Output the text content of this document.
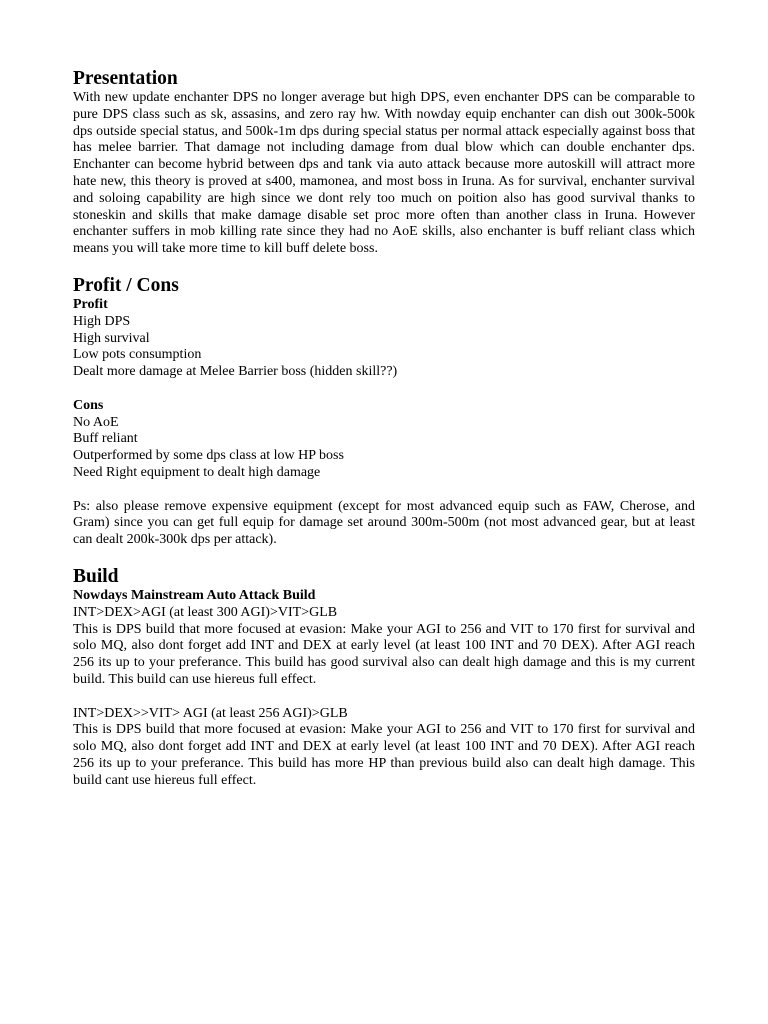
Presentation

With new update enchanter DPS no longer average but high DPS, even enchanter DPS can be comparable to pure DPS class such as sk, assasins, and zero ray hw. With nowday equip enchanter can dish out 300k-500k dps outside special status, and 500k-1m dps during special status per normal attack especially against boss that has melee barrier. That damage not including damage from dual blow which can double enchanter dps. Enchanter can become hybrid between dps and tank via auto attack because more autoskill will attract more hate new, this theory is proved at s400, mamonea, and most boss in Iruna. As for survival, enchanter survival and soloing capability are high since we dont rely too much on poition also has good survival thanks to stoneskin and skills that make damage disable set proc more often than another class in Iruna. However enchanter suffers in mob killing rate since they had no AoE skills, also enchanter is buff reliant class which means you will take more time to kill buff delete boss.

Profit / Cons
Profit
High DPS
High survival
Low pots consumption
Dealt more damage at Melee Barrier boss (hidden skill??)
Cons
No AoE
Buff reliant
Outperformed by some dps class at low HP boss
Need Right equipment to dealt high damage

Ps: also please remove expensive equipment (except for most advanced equip such as FAW, Cherose, and Gram) since you can get full equip for damage set around 300m-500m (not most advanced gear, but at least can dealt 200k-300k dps per attack).

Build
Nowdays Mainstream Auto Attack Build

INT>DEX>AGI (at least 300 AGI)>VIT>GLB

This is DPS build that more focused at evasion: Make your AGI to 256 and VIT to 170 first for survival and solo MQ, also dont forget add INT and DEX at early level (at least 100 INT and 70 DEX). After AGI reach 256 its up to your preferance. This build has good survival also can dealt high damage and this is my current build. This build can use hiereus full effect.

INT>DEX>>VIT> AGI (at least 256 AGI)>GLB

This is DPS build that more focused at evasion: Make your AGI to 256 and VIT to 170 first for survival and solo MQ, also dont forget add INT and DEX at early level (at least 100 INT and 70 DEX). After AGI reach 256 its up to your preferance. This build has more HP than previous build also can dealt high damage. This build cant use hiereus full effect.
